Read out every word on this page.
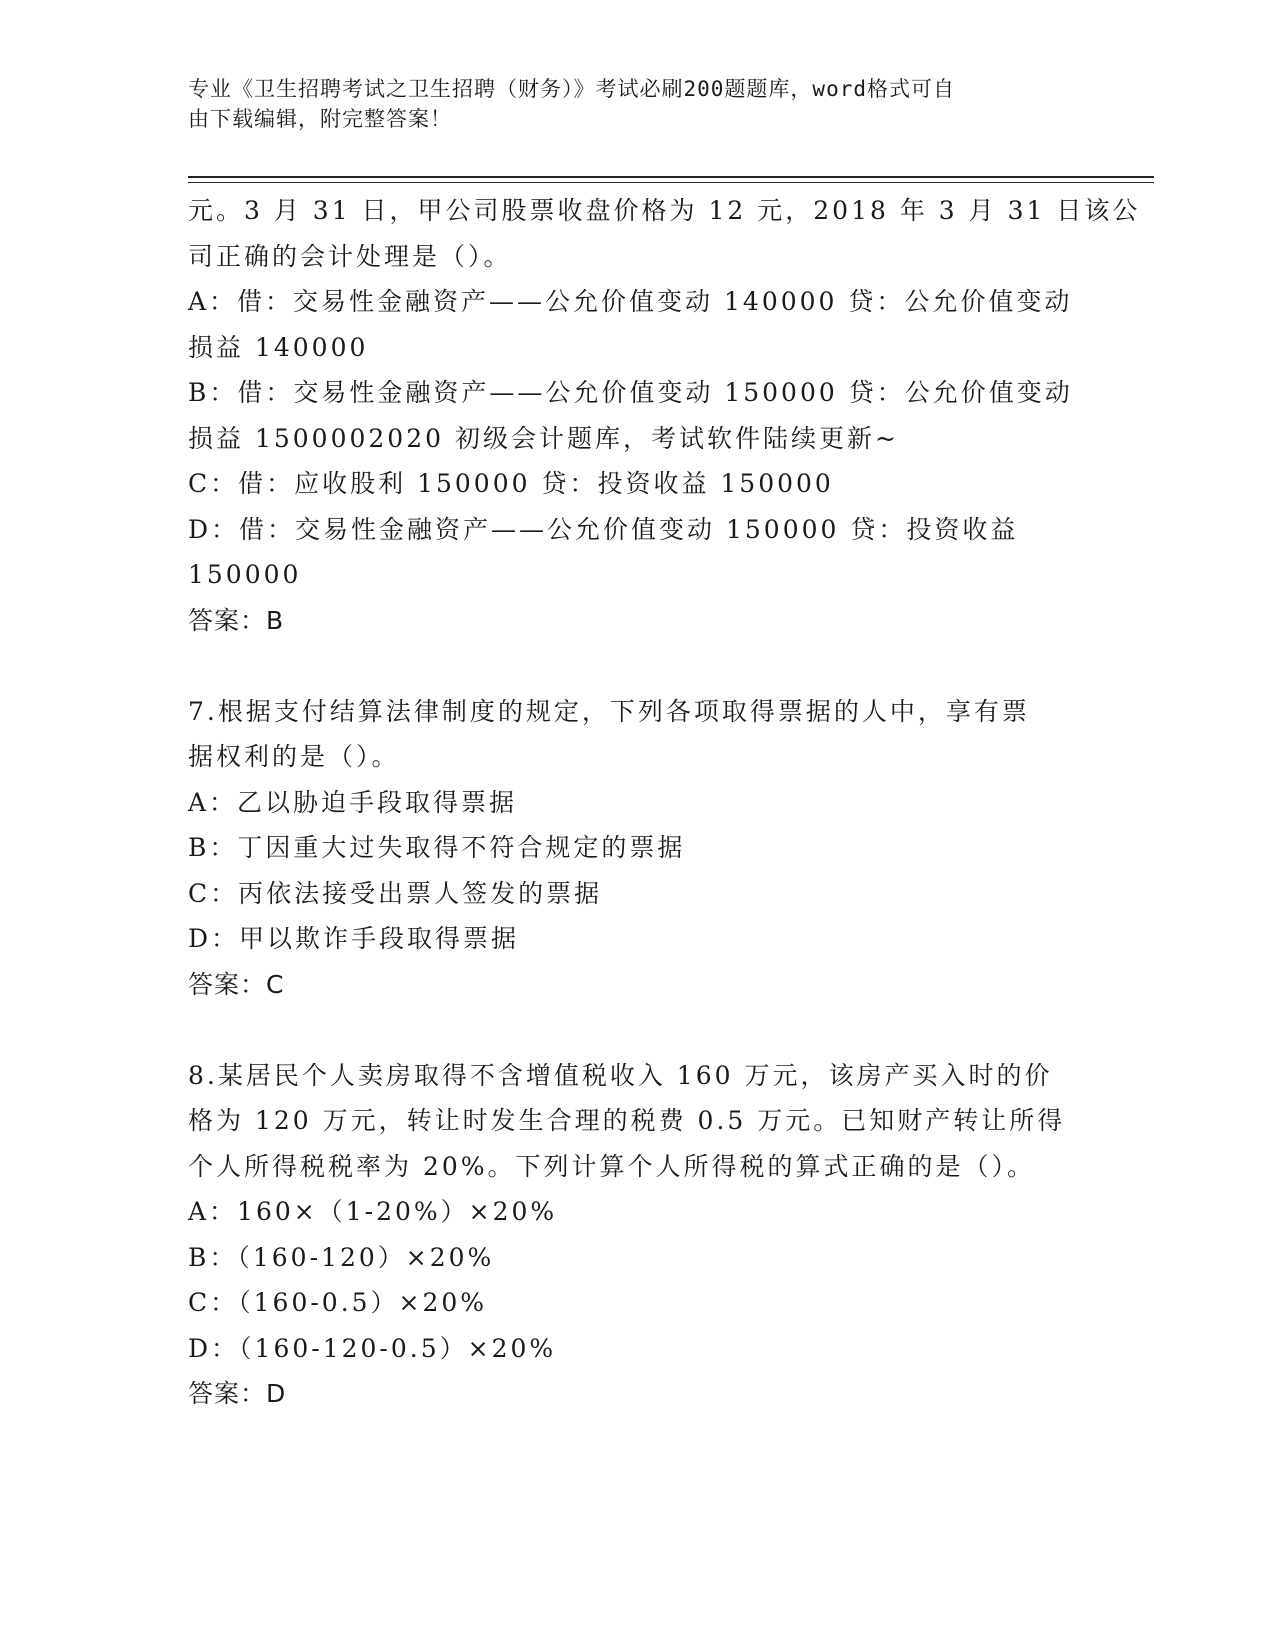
专业《卫生招聘考试之卫生招聘（财务）》考试必刷200题题库，word格式可自
由下载编辑，附完整答案！
元。3 月 31 日，甲公司股票收盘价格为 12 元，2018 年 3 月 31 日该公
司正确的会计处理是（）。
A：借：交易性金融资产——公允价值变动 140000 贷：公允价值变动
损益 140000
B：借：交易性金融资产——公允价值变动 150000 贷：公允价值变动
损益 1500002020 初级会计题库，考试软件陆续更新~
C：借：应收股利 150000 贷：投资收益 150000
D：借：交易性金融资产——公允价值变动 150000 贷：投资收益
150000
答案：B
7.根据支付结算法律制度的规定，下列各项取得票据的人中，享有票
据权利的是（）。
A：乙以胁迫手段取得票据
B：丁因重大过失取得不符合规定的票据
C：丙依法接受出票人签发的票据
D：甲以欺诈手段取得票据
答案：C
8.某居民个人卖房取得不含增值税收入 160 万元，该房产买入时的价
格为 120 万元，转让时发生合理的税费 0.5 万元。已知财产转让所得
个人所得税税率为 20%。下列计算个人所得税的算式正确的是（）。
A：160×（1-20%）×20%
B：（160-120）×20%
C：（160-0.5）×20%
D：（160-120-0.5）×20%
答案：D
